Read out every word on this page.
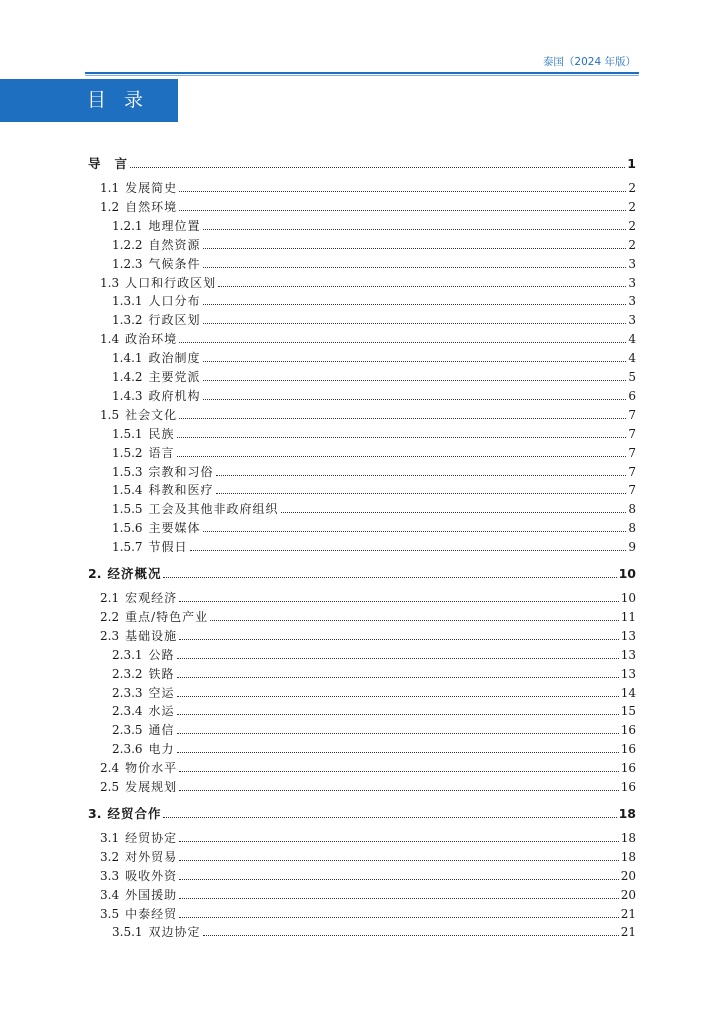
泰国（2024 年版）
目录
导 言	1
1.1 发展简史	2
1.2 自然环境	2
1.2.1 地理位置	2
1.2.2 自然资源	2
1.2.3 气候条件	3
1.3 人口和行政区划	3
1.3.1 人口分布	3
1.3.2 行政区划	3
1.4 政治环境	4
1.4.1 政治制度	4
1.4.2 主要党派	5
1.4.3 政府机构	6
1.5 社会文化	7
1.5.1 民族	7
1.5.2 语言	7
1.5.3 宗教和习俗	7
1.5.4 科教和医疗	7
1.5.5 工会及其他非政府组织	8
1.5.6 主要媒体	8
1.5.7 节假日	9
2. 经济概况	10
2.1 宏观经济	10
2.2 重点/特色产业	11
2.3 基础设施	13
2.3.1 公路	13
2.3.2 铁路	13
2.3.3 空运	14
2.3.4 水运	15
2.3.5 通信	16
2.3.6 电力	16
2.4 物价水平	16
2.5 发展规划	16
3. 经贸合作	18
3.1 经贸协定	18
3.2 对外贸易	18
3.3 吸收外资	20
3.4 外国援助	20
3.5 中泰经贸	21
3.5.1 双边协定	21
